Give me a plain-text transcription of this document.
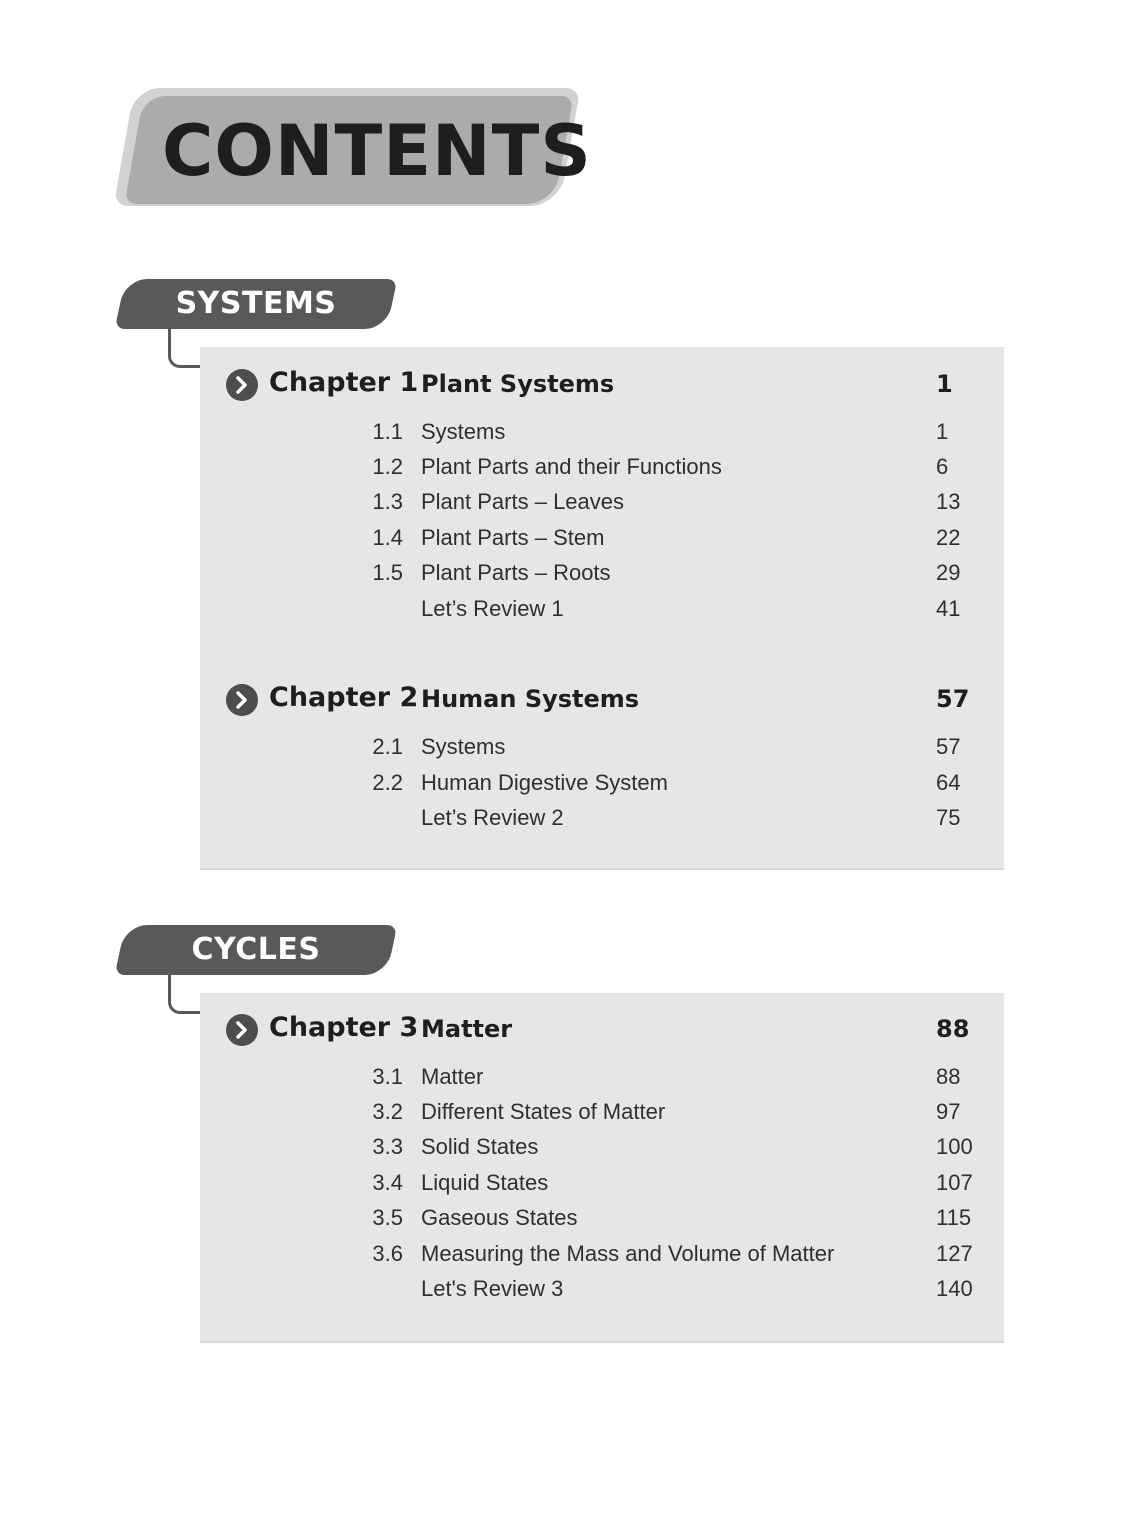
CONTENTS
SYSTEMS
Chapter 1 Plant Systems	1
1.1 Systems	1
1.2 Plant Parts and their Functions	6
1.3 Plant Parts – Leaves	13
1.4 Plant Parts – Stem	22
1.5 Plant Parts – Roots	29
Let’s Review 1	41
Chapter 2 Human Systems	57
2.1 Systems	57
2.2 Human Digestive System	64
Let’s Review 2	75
CYCLES
Chapter 3 Matter	88
3.1 Matter	88
3.2 Different States of Matter	97
3.3 Solid States	100
3.4 Liquid States	107
3.5 Gaseous States	115
3.6 Measuring the Mass and Volume of Matter	127
Let's Review 3	140
